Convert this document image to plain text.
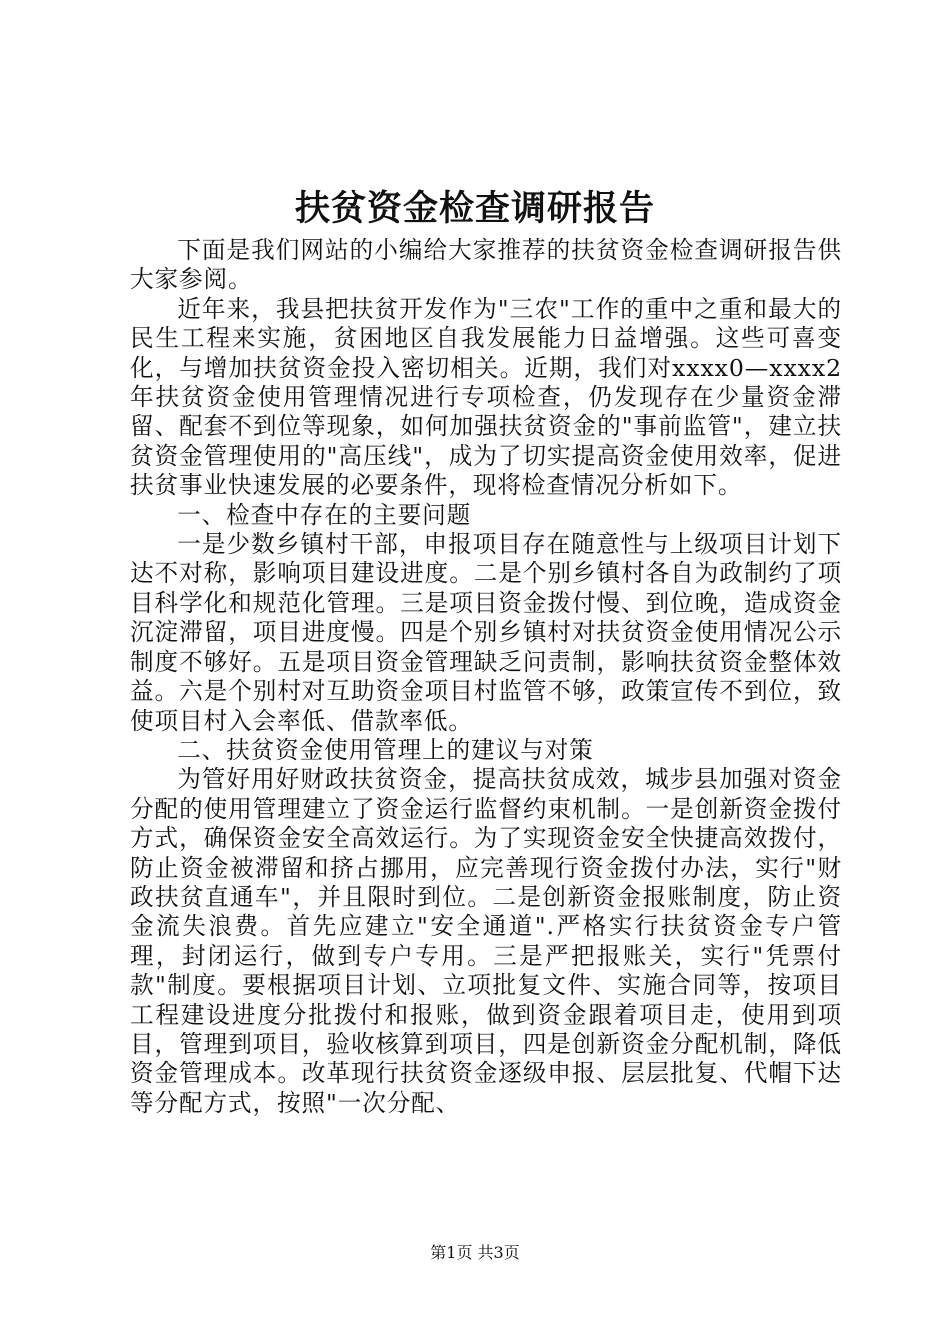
扶贫资金检查调研报告

下面是我们网站的小编给大家推荐的扶贫资金检查调研报告供大家参阅。

近年来，我县把扶贫开发作为"三农"工作的重中之重和最大的民生工程来实施，贫困地区自我发展能力日益增强。这些可喜变化，与增加扶贫资金投入密切相关。近期，我们对xxxx0—xxxx2年扶贫资金使用管理情况进行专项检查，仍发现存在少量资金滞留、配套不到位等现象，如何加强扶贫资金的"事前监管"，建立扶贫资金管理使用的"高压线"，成为了切实提高资金使用效率，促进扶贫事业快速发展的必要条件，现将检查情况分析如下。

一、检查中存在的主要问题

一是少数乡镇村干部，申报项目存在随意性与上级项目计划下达不对称，影响项目建设进度。二是个别乡镇村各自为政制约了项目科学化和规范化管理。三是项目资金拨付慢、到位晚，造成资金沉淀滞留，项目进度慢。四是个别乡镇村对扶贫资金使用情况公示制度不够好。五是项目资金管理缺乏问责制，影响扶贫资金整体效益。六是个别村对互助资金项目村监管不够，政策宣传不到位，致使项目村入会率低、借款率低。

二、扶贫资金使用管理上的建议与对策

为管好用好财政扶贫资金，提高扶贫成效，城步县加强对资金分配的使用管理建立了资金运行监督约束机制。一是创新资金拨付方式，确保资金安全高效运行。为了实现资金安全快捷高效拨付，防止资金被滞留和挤占挪用，应完善现行资金拨付办法，实行"财政扶贫直通车"，并且限时到位。二是创新资金报账制度，防止资金流失浪费。首先应建立"安全通道".严格实行扶贫资金专户管理，封闭运行，做到专户专用。三是严把报账关，实行"凭票付款"制度。要根据项目计划、立项批复文件、实施合同等，按项目工程建设进度分批拨付和报账，做到资金跟着项目走，使用到项目，管理到项目，验收核算到项目，四是创新资金分配机制，降低资金管理成本。改革现行扶贫资金逐级申报、层层批复、代帽下达等分配方式，按照"一次分配、

第1页 共3页
